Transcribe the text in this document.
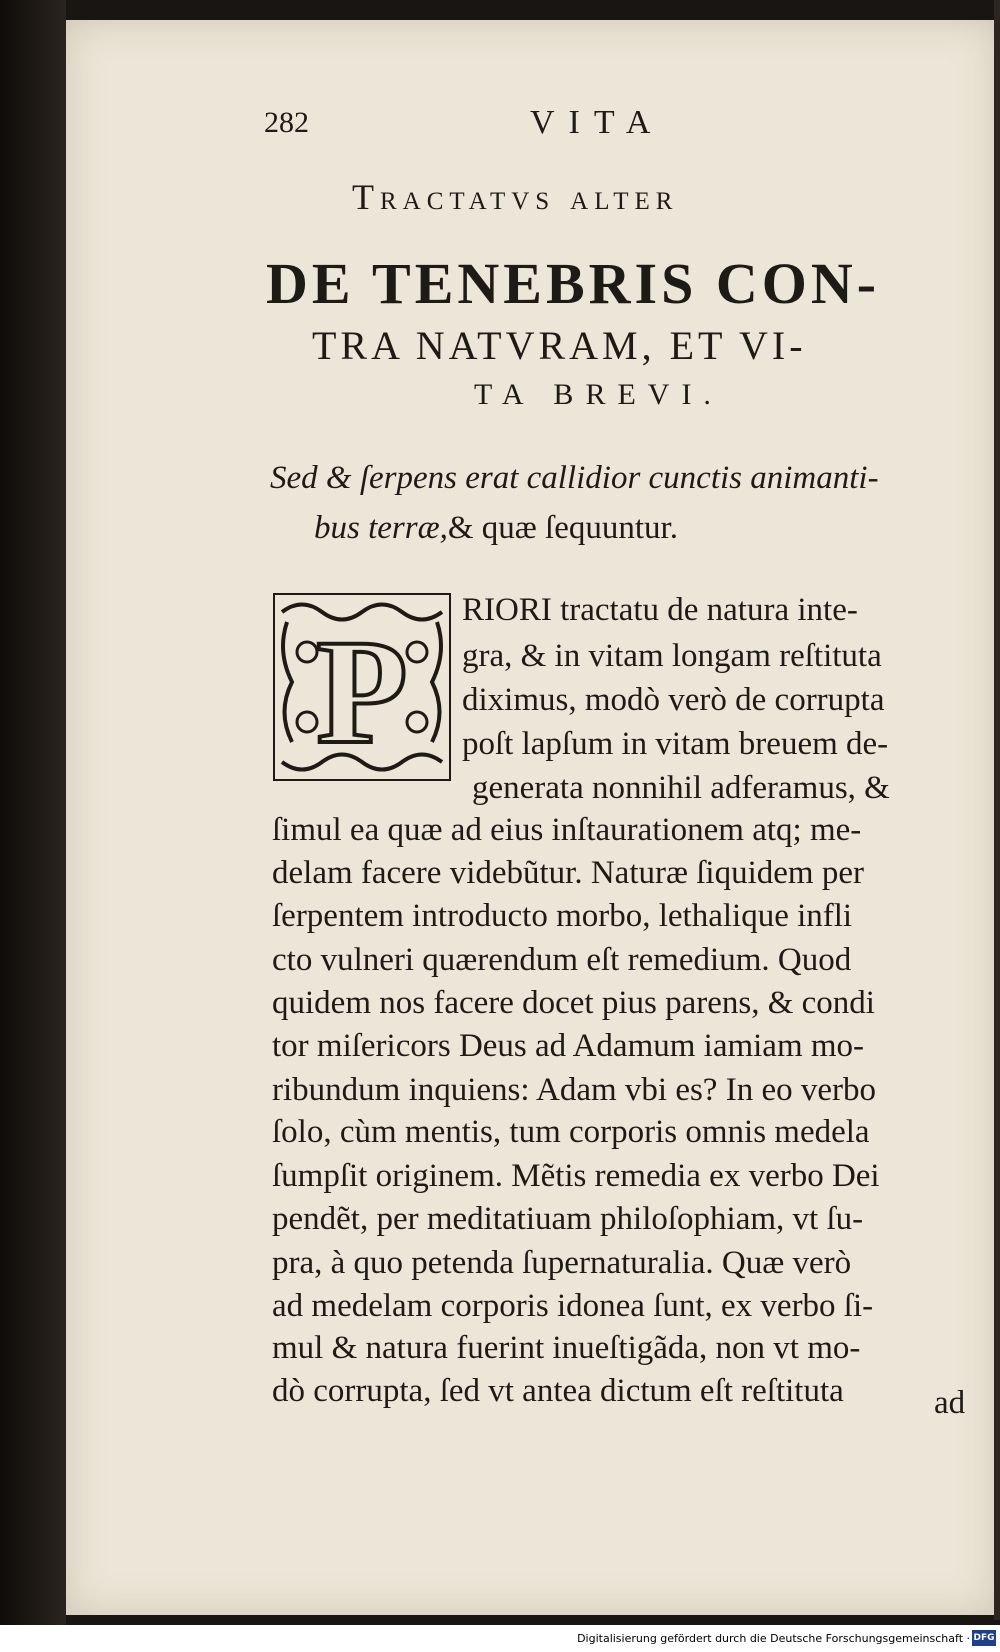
282	VITA
Tractatvs alter
DE TENEBRIS CON-
TRA NATVRAM, ET VI-
TA BREVI.
Sed & ſerpens erat callidior cunctis animanti-
bus terræ,& quæ ſequuntur.
P RIORI tractatu de natura inte-
gra, & in vitam longam reſtituta
diximus, modò verò de corrupta
poſt lapſum in vitam breuem de-
generata nonnihil adferamus, &
ſimul ea quæ ad eius inſtaurationem atq; me-
delam facere videbũtur. Naturæ ſiquidem per
ſerpentem introducto morbo, lethalique infli
cto vulneri quærendum eſt remedium. Quod
quidem nos facere docet pius parens, & condi
tor miſericors Deus ad Adamum iamiam mo-
ribundum inquiens: Adam vbi es? In eo verbo
ſolo, cùm mentis, tum corporis omnis medela
ſumpſit originem. Mẽtis remedia ex verbo Dei
pendẽt, per meditatiuam philoſophiam, vt ſu-
pra, à quo petenda ſupernaturalia. Quæ verò
ad medelam corporis idonea ſunt, ex verbo ſi-
mul & natura fuerint inueſtigãda, non vt mo-
dò corrupta, ſed vt antea dictum eſt reſtituta	ad
Digitalisierung gefördert durch die Deutsche Forschungsgemeinschaft · DFG
